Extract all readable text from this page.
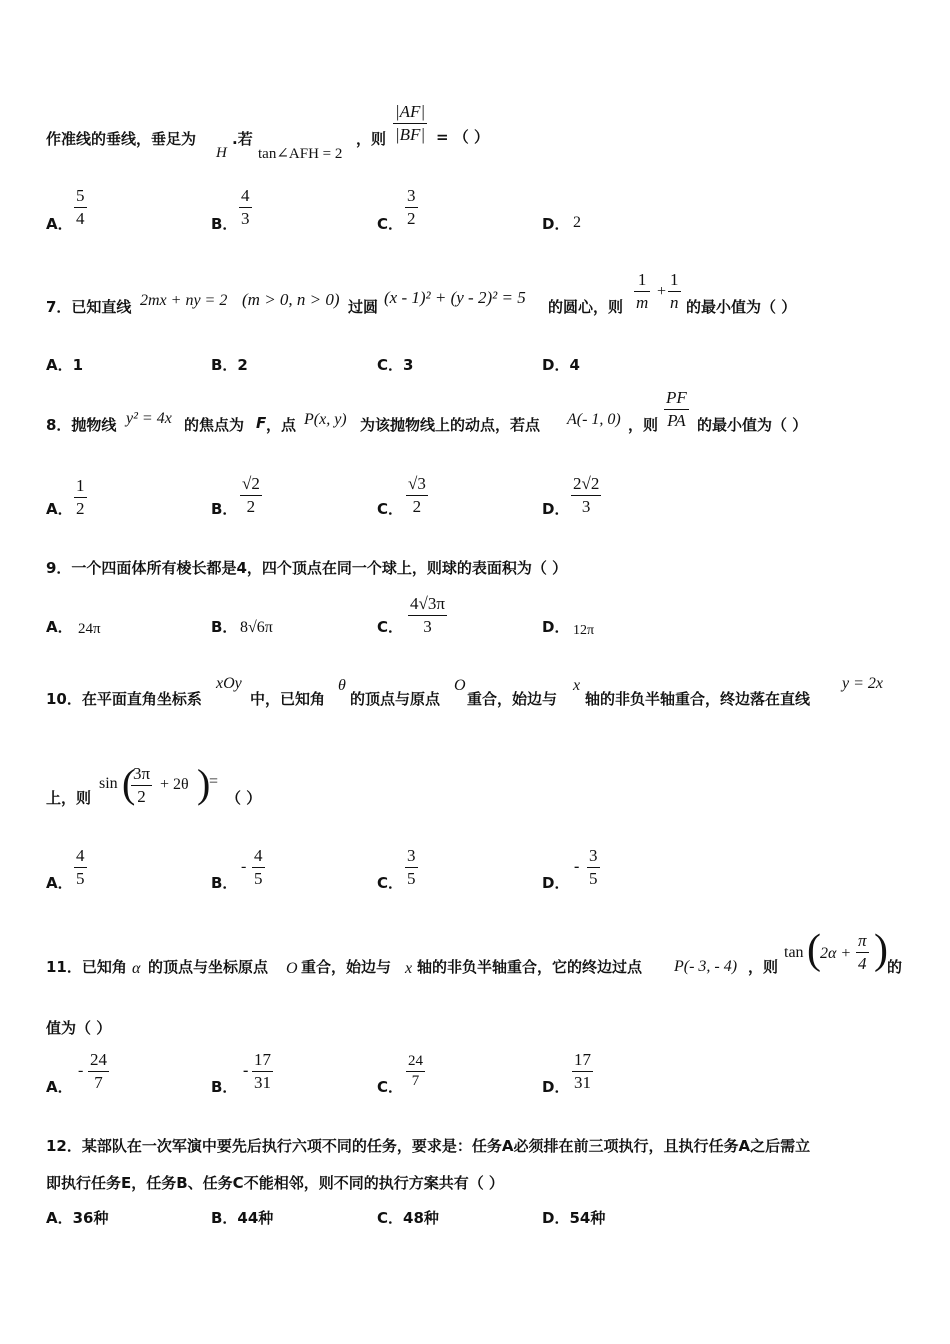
作准线的垂线，垂足为
H
.若
tan∠AFH = 2
，则 $\frac{|AF|}{|BF|}$ = （ ）
A． $\frac{5}{4}$	B． $\frac{4}{3}$	C． $\frac{3}{2}$	D． 2
7．已知直线 2mx + ny = 2 (m > 0, n > 0) 过圆 (x - 1)² + (y - 2)² = 5 的圆心，则 $\frac{1}{m} + \frac{1}{n}$ 的最小值为（ ）
A．1	B．2	C．3	D．4
8．抛物线 y² = 4x 的焦点为 F ，点 P(x, y) 为该抛物线上的动点，若点 A(- 1, 0) ，则 $\frac{PF}{PA}$ 的最小值为（ ）
A． $\frac{1}{2}$	B． $\frac{√2}{2}$	C． $\frac{√3}{2}$	D． $\frac{2√2}{3}$
9．一个四面体所有棱长都是4，四个顶点在同一个球上，则球的表面积为（ ）
A． 24π	B． 8√6π	C． $\frac{4√3\pi}{3}$	D． 12π
10．在平面直角坐标系
xOy
中，已知角
θ
的顶点与原点
O
重合，始边与
x
轴的非负半轴重合，终边落在直线
y = 2x
上，则
sin (
$\frac{3\pi}{2} + 2\theta$ )
=
（ ）
A． $\frac{4}{5}$	B．
- $\frac{4}{5}$	C． $\frac{3}{5}$	D．
- $\frac{3}{5}$
11．已知角 α 的顶点与坐标原点 O 重合，始边与 x 轴的非负半轴重合，它的终边过点 P(- 3, - 4) ，则
tan ( $2\alpha + \frac{\pi}{4}$ ) 的
值为（ ）
A．
- $\frac{24}{7}$	B．
- $\frac{17}{31}$	C． $\frac{24}{7}$	D． $\frac{17}{31}$
12．某部队在一次军演中要先后执行六项不同的任务，要求是：任务A必须排在前三项执行，且执行任务A之后需立
即执行任务E，任务B、任务C不能相邻，则不同的执行方案共有（ ）
A．36种	B．44种	C．48种	D．54种
